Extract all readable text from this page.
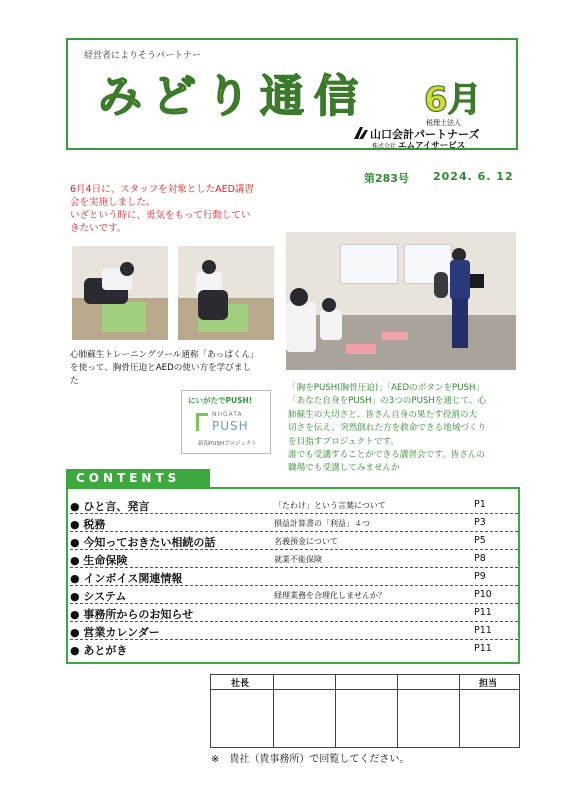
経営者によりそうパートナー
みどり通信 6月
税理士法人
山口会計パートナーズ
株式会社 エムアイサービス
第283号 2024. 6. 12
6月4日に、スタッフを対象としたAED講習
会を実施しました。
いざという時に、勇気をもって行動してい
きたいです。
心肺蘇生トレーニングツール通称「あっぱくん」
を使って、胸骨圧迫とAEDの使い方を学びまし
た
にいがたでPUSH!
NIIGATA
PUSH
新潟PUSHプロジェクト
「胸をPUSH(胸骨圧迫)」「AEDのボタンをPUSH」
「あなた自身をPUSH」の3つのPUSHを通じて、心
肺蘇生の大切さと、皆さん自身の果たす役割の大
切さを伝え、突然倒れた方を救命できる地域づくり
を目指すプロジェクトです。
誰でも受講することができる講習会です。皆さんの
職場でも受講してみませんか
CONTENTS
● ひと言、発言	「たわけ」という言葉について	P1
● 税務	損益計算書の「利益」４つ	P3
● 今知っておきたい相続の話	名義預金について	P5
● 生命保険	就業不能保険	P8
● インボイス関連情報	P9
● システム	経理業務を合理化しませんか？	P10
● 事務所からのお知らせ	P11
● 営業カレンダー	P11
● あとがき	P11
社長	担当
※　貴社（貴事務所）で回覧してください。
